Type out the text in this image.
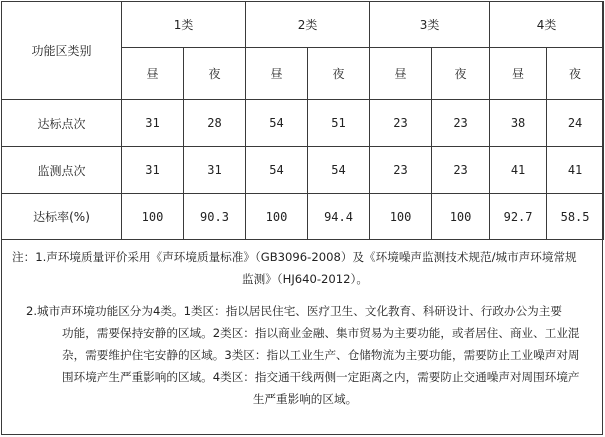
功能区类别	1类		2类		3类		4类	
	昼	夜	昼	夜	昼	夜	昼	夜
达标点次	31	28	54	51	23	23	38	24
监测点次	31	31	54	54	23	23	41	41
达标率(%)	100	90.3	100	94.4	100	100	92.7	58.5
注：1.声环境质量评价采用《声环境质量标准》（GB3096-2008）及《环境噪声监测技术规范/城市声环境常规

监测》（HJ640-2012）。
2.城市声环境功能区分为4类。1类区：指以居民住宅、医疗卫生、文化教育、科研设计、行政办公为主要
功能，需要保持安静的区域。2类区：指以商业金融、集市贸易为主要功能，或者居住、商业、工业混
杂，需要维护住宅安静的区域。3类区：指以工业生产、仓储物流为主要功能，需要防止工业噪声对周
围环境产生严重影响的区域。4类区：指交通干线两侧一定距离之内，需要防止交通噪声对周围环境产

生严重影响的区域。
